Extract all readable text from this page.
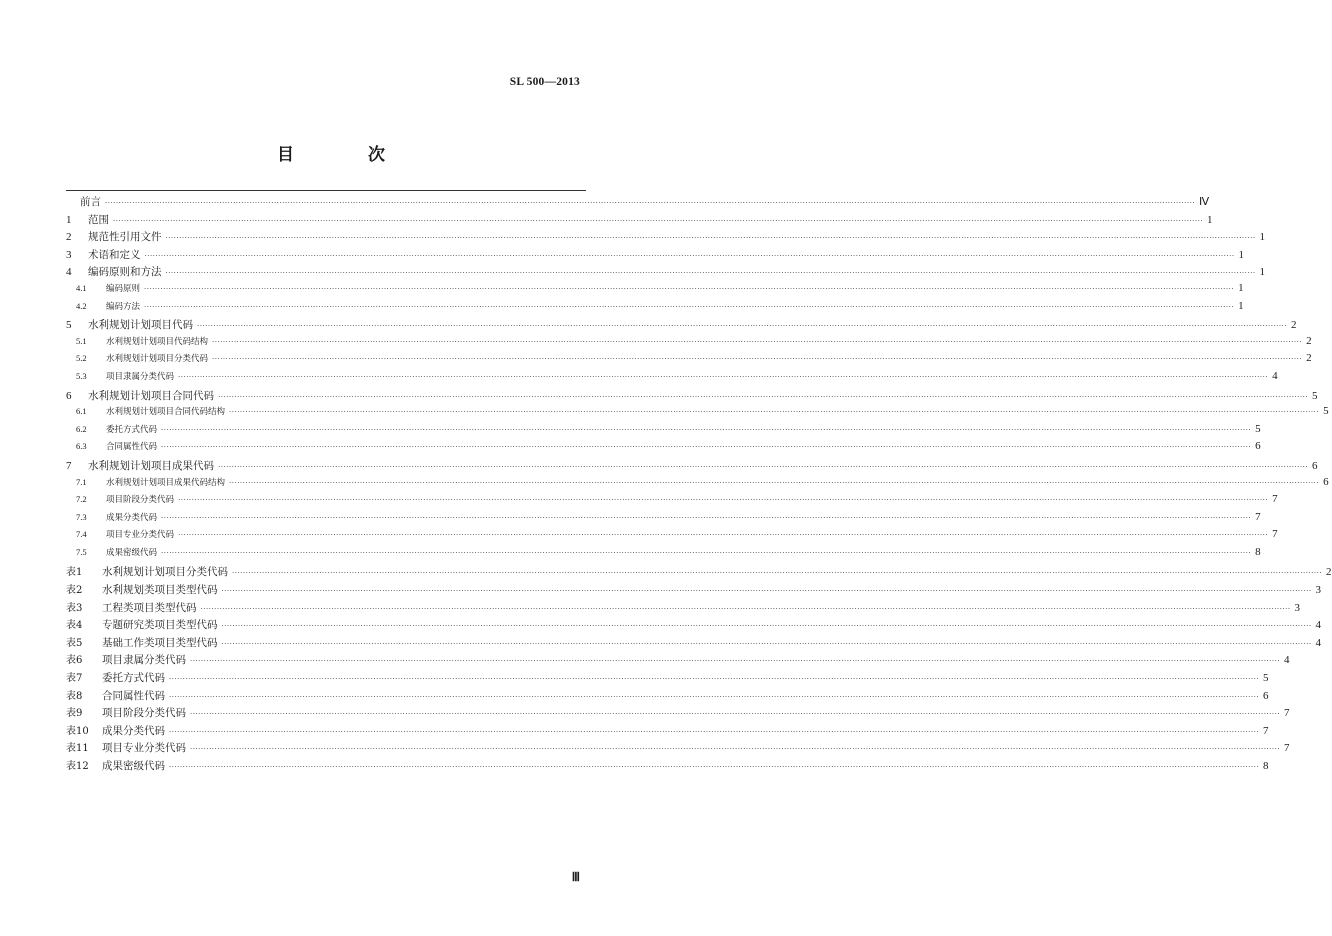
SL 500—2013
目 次
前言 ················································································································································································································································································································································································································ Ⅳ
1	范围 ················································································································································································································································································································································································································ 1
2	规范性引用文件 ················································································································································································································································································································································································································ 1
3	术语和定义 ················································································································································································································································································································································································································ 1
4	编码原则和方法 ················································································································································································································································································································································································································ 1
4.1	编码原则 ················································································································································································································································································································································································································ 1
4.2	编码方法 ················································································································································································································································································································································································································ 1
5	水利规划计划项目代码 ················································································································································································································································································································································································································ 2
5.1	水利规划计划项目代码结构 ················································································································································································································································································································································································································ 2
5.2	水利规划计划项目分类代码 ················································································································································································································································································································································································································ 2
5.3	项目隶属分类代码 ················································································································································································································································································································································································································ 4
6	水利规划计划项目合同代码 ················································································································································································································································································································································································································ 5
6.1	水利规划计划项目合同代码结构 ················································································································································································································································································································································································································ 5
6.2	委托方式代码 ················································································································································································································································································································································································································ 5
6.3	合同属性代码 ················································································································································································································································································································································································································ 6
7	水利规划计划项目成果代码 ················································································································································································································································································································································································································ 6
7.1	水利规划计划项目成果代码结构 ················································································································································································································································································································································································································ 6
7.2	项目阶段分类代码 ················································································································································································································································································································································································································ 7
7.3	成果分类代码 ················································································································································································································································································································································································································ 7
7.4	项目专业分类代码 ················································································································································································································································································································································································································ 7
7.5	成果密级代码 ················································································································································································································································································································································································································ 8
表1	水利规划计划项目分类代码 ················································································································································································································································································································································································································ 2
表2	水利规划类项目类型代码 ················································································································································································································································································································································································································ 3
表3	工程类项目类型代码 ················································································································································································································································································································································································································ 3
表4	专题研究类项目类型代码 ················································································································································································································································································································································································································ 4
表5	基础工作类项目类型代码 ················································································································································································································································································································································································································ 4
表6	项目隶属分类代码 ················································································································································································································································································································································································································ 4
表7	委托方式代码 ················································································································································································································································································································································································································ 5
表8	合同属性代码 ················································································································································································································································································································································································································ 6
表9	项目阶段分类代码 ················································································································································································································································································································································································································ 7
表10	成果分类代码 ················································································································································································································································································································································································································ 7
表11	项目专业分类代码 ················································································································································································································································································································································································································ 7
表12	成果密级代码 ················································································································································································································································································································································································································ 8
Ⅲ
